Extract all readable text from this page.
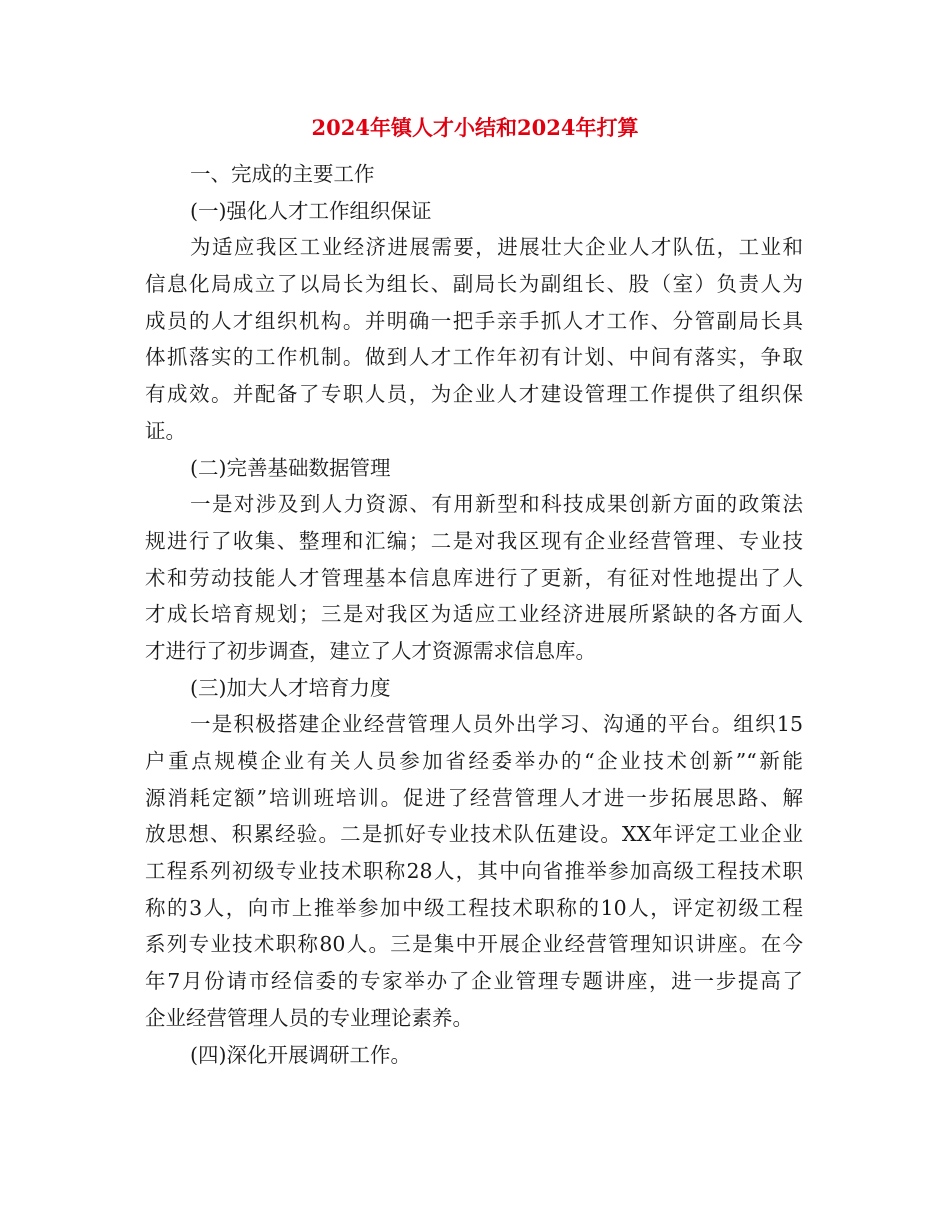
2024年镇人才小结和2024年打算
一、完成的主要工作
(一)强化人才工作组织保证
为适应我区工业经济进展需要，进展壮大企业人才队伍，工业和
信息化局成立了以局长为组长、副局长为副组长、股（室）负责人为
成员的人才组织机构。并明确一把手亲手抓人才工作、分管副局长具
体抓落实的工作机制。做到人才工作年初有计划、中间有落实，争取
有成效。并配备了专职人员，为企业人才建设管理工作提供了组织保
证。
(二)完善基础数据管理
一是对涉及到人力资源、有用新型和科技成果创新方面的政策法
规进行了收集、整理和汇编；二是对我区现有企业经营管理、专业技
术和劳动技能人才管理基本信息库进行了更新，有征对性地提出了人
才成长培育规划；三是对我区为适应工业经济进展所紧缺的各方面人
才进行了初步调查，建立了人才资源需求信息库。
(三)加大人才培育力度
一是积极搭建企业经营管理人员外出学习、沟通的平台。组织15
户重点规模企业有关人员参加省经委举办的“企业技术创新”“新能
源消耗定额”培训班培训。促进了经营管理人才进一步拓展思路、解
放思想、积累经验。二是抓好专业技术队伍建设。XX年评定工业企业
工程系列初级专业技术职称28人，其中向省推举参加高级工程技术职
称的3人，向市上推举参加中级工程技术职称的10人，评定初级工程
系列专业技术职称80人。三是集中开展企业经营管理知识讲座。在今
年7月份请市经信委的专家举办了企业管理专题讲座，进一步提高了
企业经营管理人员的专业理论素养。
(四)深化开展调研工作。
